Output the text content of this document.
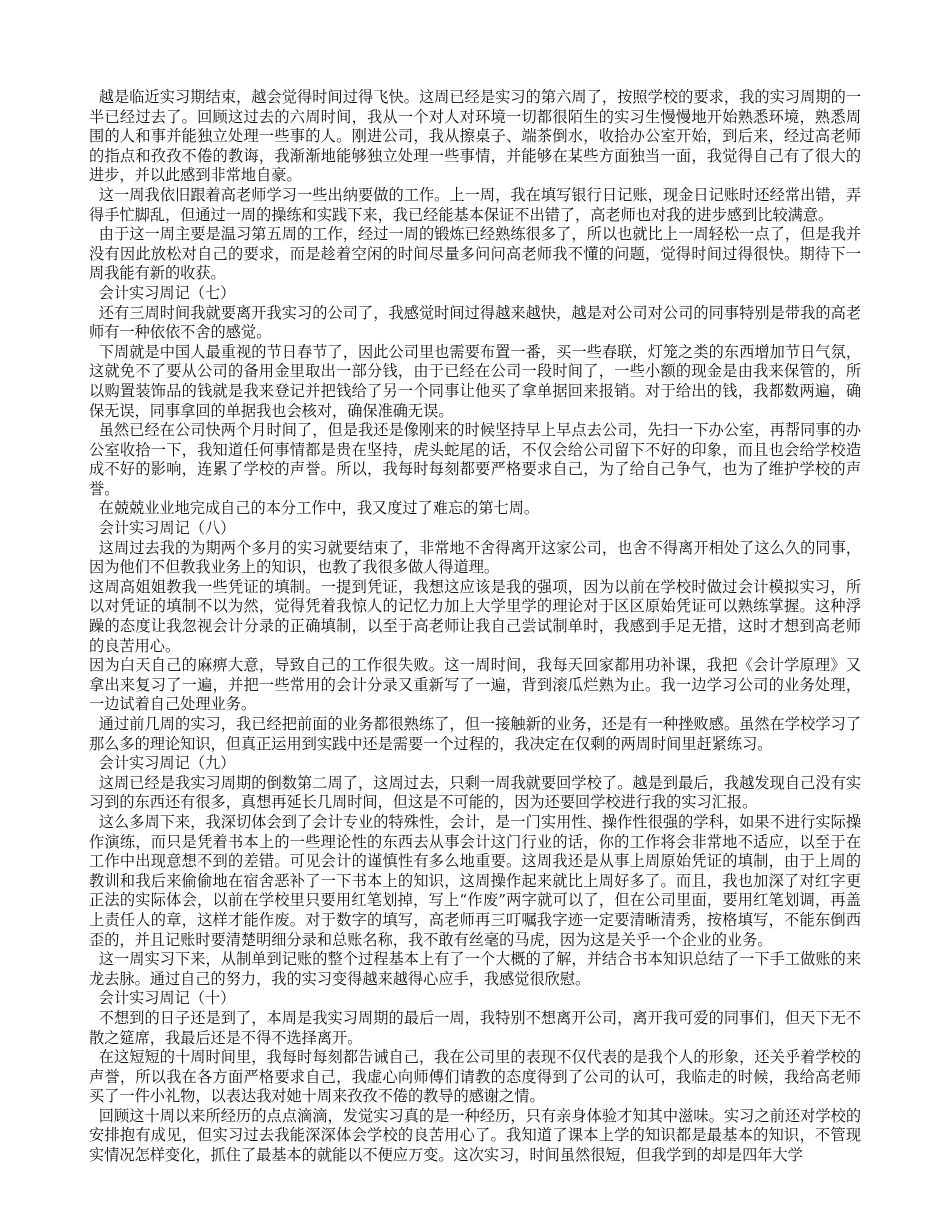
越是临近实习期结束，越会觉得时间过得飞快。这周已经是实习的第六周了，按照学校的要求，我的实习周期的一半已经过去了。回顾这过去的六周时间，我从一个对人对环境一切都很陌生的实习生慢慢地开始熟悉环境，熟悉周围的人和事并能独立处理一些事的人。刚进公司，我从擦桌子、端茶倒水，收拾办公室开始，到后来，经过高老师的指点和孜孜不倦的教诲，我渐渐地能够独立处理一些事情，并能够在某些方面独当一面，我觉得自己有了很大的进步，并以此感到非常地自豪。

这一周我依旧跟着高老师学习一些出纳要做的工作。上一周，我在填写银行日记账，现金日记账时还经常出错，弄得手忙脚乱，但通过一周的操练和实践下来，我已经能基本保证不出错了，高老师也对我的进步感到比较满意。

由于这一周主要是温习第五周的工作，经过一周的锻炼已经熟练很多了，所以也就比上一周轻松一点了，但是我并没有因此放松对自己的要求，而是趁着空闲的时间尽量多问问高老师我不懂的问题，觉得时间过得很快。期待下一周我能有新的收获。

会计实习周记（七）

还有三周时间我就要离开我实习的公司了，我感觉时间过得越来越快，越是对公司对公司的同事特别是带我的高老师有一种依依不舍的感觉。

下周就是中国人最重视的节日春节了，因此公司里也需要布置一番，买一些春联，灯笼之类的东西增加节日气氛，这就免不了要从公司的备用金里取出一部分钱，由于已经在公司一段时间了，一些小额的现金是由我来保管的，所以购置装饰品的钱就是我来登记并把钱给了另一个同事让他买了拿单据回来报销。对于给出的钱，我都数两遍，确保无误，同事拿回的单据我也会核对，确保准确无误。

虽然已经在公司快两个月时间了，但是我还是像刚来的时候坚持早上早点去公司，先扫一下办公室，再帮同事的办公室收拾一下，我知道任何事情都是贵在坚持，虎头蛇尾的话，不仅会给公司留下不好的印象，而且也会给学校造成不好的影响，连累了学校的声誉。所以，我每时每刻都要严格要求自己，为了给自己争气，也为了维护学校的声誉。

在兢兢业业地完成自己的本分工作中，我又度过了难忘的第七周。

会计实习周记（八）

这周过去我的为期两个多月的实习就要结束了，非常地不舍得离开这家公司，也舍不得离开相处了这么久的同事，因为他们不但教我业务上的知识，也教了我很多做人得道理。

这周高姐姐教我一些凭证的填制。一提到凭证，我想这应该是我的强项，因为以前在学校时做过会计模拟实习，所以对凭证的填制不以为然，觉得凭着我惊人的记忆力加上大学里学的理论对于区区原始凭证可以熟练掌握。这种浮躁的态度让我忽视会计分录的正确填制，以至于高老师让我自己尝试制单时，我感到手足无措，这时才想到高老师的良苦用心。

因为白天自己的麻痹大意，导致自己的工作很失败。这一周时间，我每天回家都用功补课，我把《会计学原理》又拿出来复习了一遍，并把一些常用的会计分录又重新写了一遍，背到滚瓜烂熟为止。我一边学习公司的业务处理，一边试着自己处理业务。

通过前几周的实习，我已经把前面的业务都很熟练了，但一接触新的业务，还是有一种挫败感。虽然在学校学习了那么多的理论知识，但真正运用到实践中还是需要一个过程的，我决定在仅剩的两周时间里赶紧练习。

会计实习周记（九）

这周已经是我实习周期的倒数第二周了，这周过去，只剩一周我就要回学校了。越是到最后，我越发现自己没有实习到的东西还有很多，真想再延长几周时间，但这是不可能的，因为还要回学校进行我的实习汇报。

这么多周下来，我深切体会到了会计专业的特殊性，会计，是一门实用性、操作性很强的学科，如果不进行实际操作演练，而只是凭着书本上的一些理论性的东西去从事会计这门行业的话，你的工作将会非常地不适应，以至于在工作中出现意想不到的差错。可见会计的谨慎性有多么地重要。这周我还是从事上周原始凭证的填制，由于上周的教训和我后来偷偷地在宿舍恶补了一下书本上的知识，这周操作起来就比上周好多了。而且，我也加深了对红字更正法的实际体会，以前在学校里只要用红笔划掉，写上“作废”两字就可以了，但在公司里面，要用红笔划调，再盖上责任人的章，这样才能作废。对于数字的填写，高老师再三叮嘱我字迹一定要清晰清秀，按格填写，不能东倒西歪的，并且记账时要清楚明细分录和总账名称，我不敢有丝毫的马虎，因为这是关乎一个企业的业务。

这一周实习下来，从制单到记账的整个过程基本上有了一个大概的了解，并结合书本知识总结了一下手工做账的来龙去脉。通过自己的努力，我的实习变得越来越得心应手，我感觉很欣慰。

会计实习周记（十）

不想到的日子还是到了，本周是我实习周期的最后一周，我特别不想离开公司，离开我可爱的同事们，但天下无不散之筵席，我最后还是不得不选择离开。

在这短短的十周时间里，我每时每刻都告诫自己，我在公司里的表现不仅代表的是我个人的形象，还关乎着学校的声誉，所以我在各方面严格要求自己，我虚心向师傅们请教的态度得到了公司的认可，我临走的时候，我给高老师买了一件小礼物，以表达我对她十周来孜孜不倦的教导的感谢之情。

回顾这十周以来所经历的点点滴滴，发觉实习真的是一种经历，只有亲身体验才知其中滋味。实习之前还对学校的安排抱有成见，但实习过去我能深深体会学校的良苦用心了。我知道了课本上学的知识都是最基本的知识，不管现实情况怎样变化，抓住了最基本的就能以不便应万变。这次实习，时间虽然很短，但我学到的却是四年大学
